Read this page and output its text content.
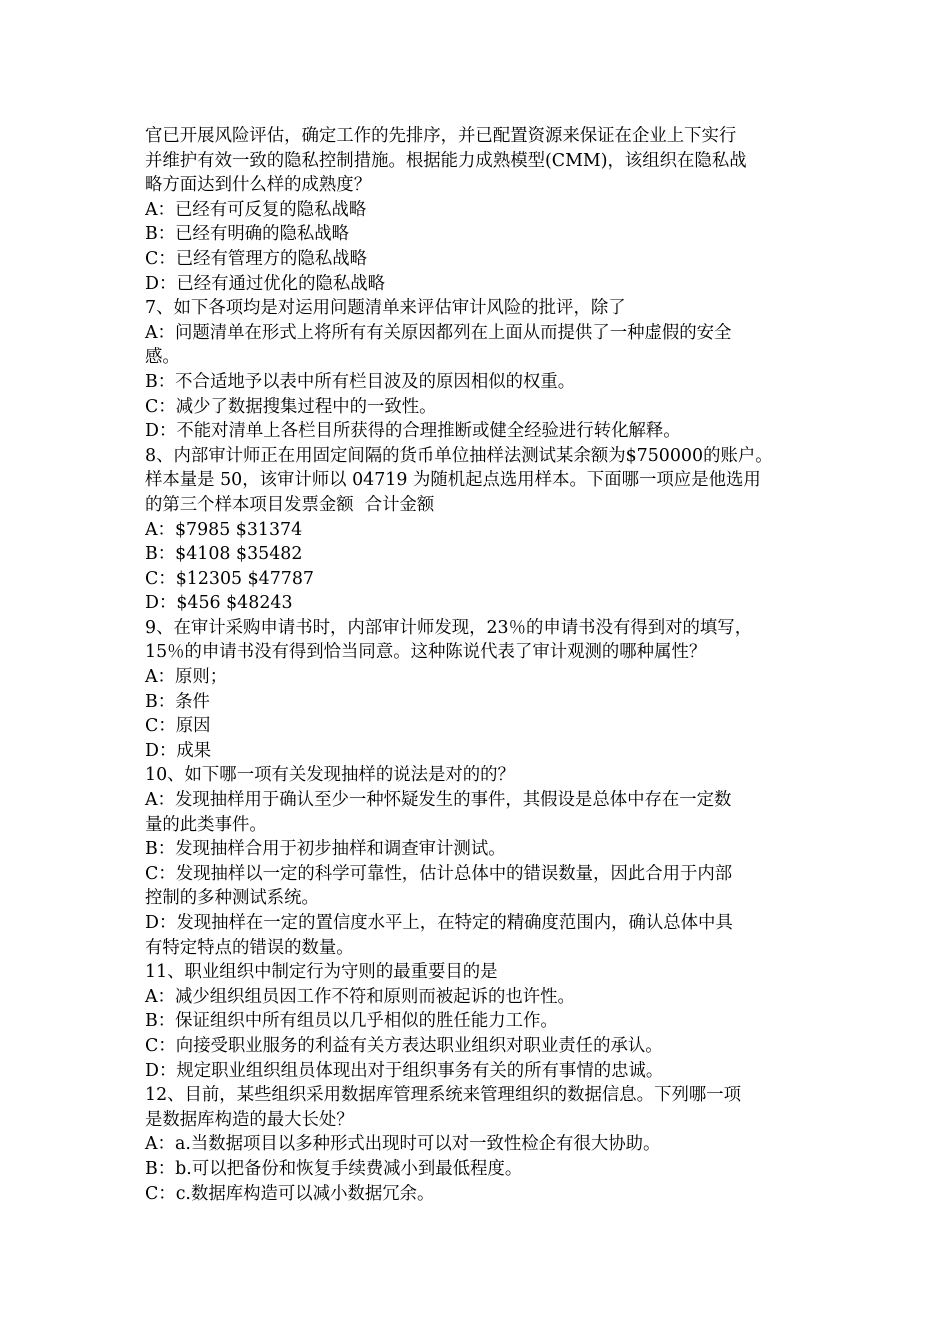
官已开展风险评估，确定工作的先排序，并已配置资源来保证在企业上下实行
并维护有效一致的隐私控制措施。根据能力成熟模型(CMM)，该组织在隐私战
略方面达到什么样的成熟度？
A：已经有可反复的隐私战略
B：已经有明确的隐私战略
C：已经有管理方的隐私战略
D：已经有通过优化的隐私战略
7、如下各项均是对运用问题清单来评估审计风险的批评，除了
A：问题清单在形式上将所有有关原因都列在上面从而提供了一种虚假的安全
感。
B：不合适地予以表中所有栏目波及的原因相似的权重。
C：减少了数据搜集过程中的一致性。
D：不能对清单上各栏目所获得的合理推断或健全经验进行转化解释。
8、内部审计师正在用固定间隔的货币单位抽样法测试某余额为$750000的账户。
样本量是 50，该审计师以 04719 为随机起点选用样本。下面哪一项应是他选用
的第三个样本项目发票金额  合计金额
A：$7985 $31374
B：$4108 $35482
C：$12305 $47787
D：$456 $48243
9、在审计采购申请书时，内部审计师发现，23％的申请书没有得到对的填写，
15％的申请书没有得到恰当同意。这种陈说代表了审计观测的哪种属性？
A：原则；
B：条件
C：原因
D：成果
10、如下哪一项有关发现抽样的说法是对的的？
A：发现抽样用于确认至少一种怀疑发生的事件，其假设是总体中存在一定数
量的此类事件。
B：发现抽样合用于初步抽样和调查审计测试。
C：发现抽样以一定的科学可靠性，估计总体中的错误数量，因此合用于内部
控制的多种测试系统。
D：发现抽样在一定的置信度水平上，在特定的精确度范围内，确认总体中具
有特定特点的错误的数量。
11、职业组织中制定行为守则的最重要目的是
A：减少组织组员因工作不符和原则而被起诉的也许性。
B：保证组织中所有组员以几乎相似的胜任能力工作。
C：向接受职业服务的利益有关方表达职业组织对职业责任的承认。
D：规定职业组织组员体现出对于组织事务有关的所有事情的忠诚。
12、目前，某些组织采用数据库管理系统来管理组织的数据信息。下列哪一项
是数据库构造的最大长处？
A：a.当数据项目以多种形式出现时可以对一致性检企有很大协助。
B：b.可以把备份和恢复手续费减小到最低程度。
C：c.数据库构造可以减小数据冗余。
